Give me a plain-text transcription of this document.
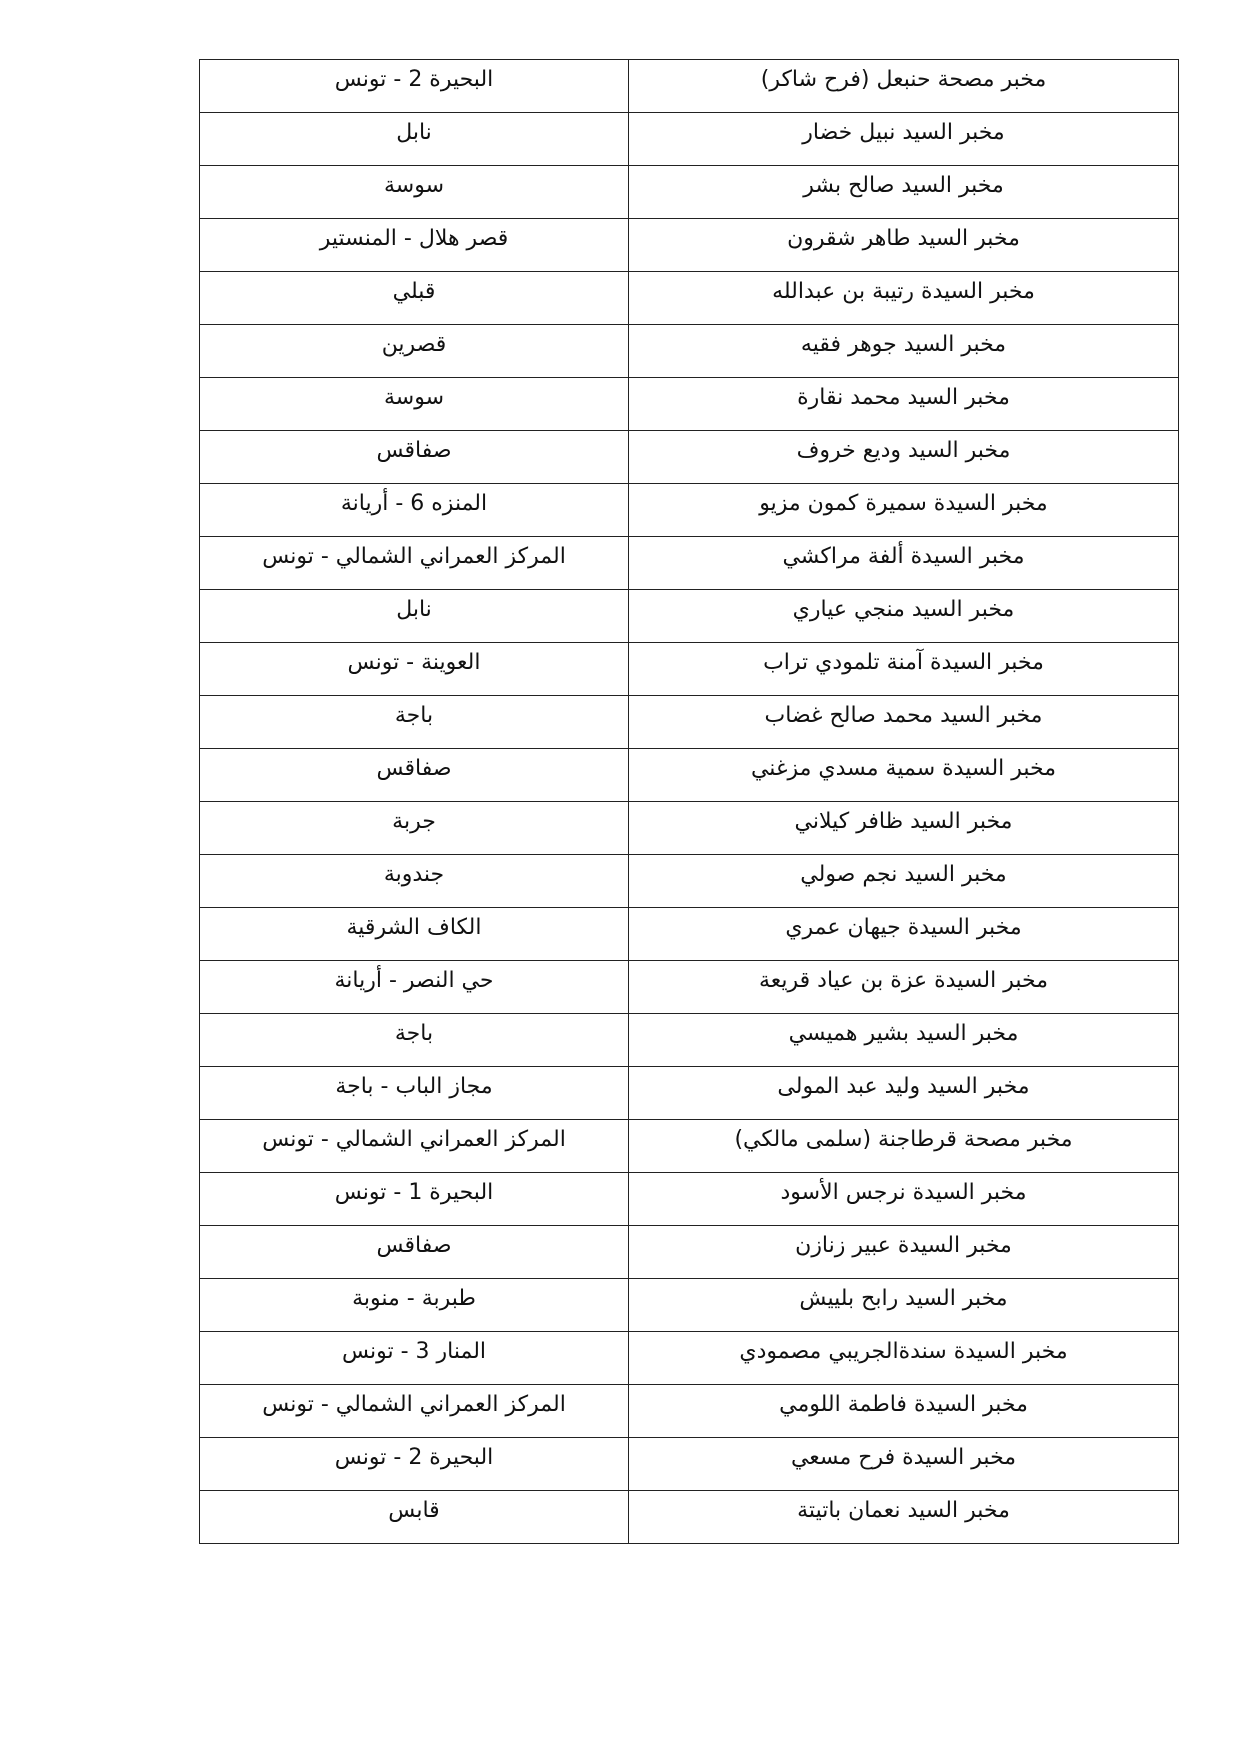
البحيرة 2 - تونس	مخبر مصحة حنبعل (فرح شاكر)
نابل	مخبر السيد نبيل خضار
سوسة	مخبر السيد صالح بشر
قصر هلال - المنستير	مخبر السيد طاهر شقرون
قبلي	مخبر السيدة رتيبة بن عبدالله
قصرين	مخبر السيد جوهر فقيه
سوسة	مخبر السيد محمد نقارة
صفاقس	مخبر السيد وديع خروف
المنزه 6 - أريانة	مخبر السيدة سميرة كمون مزيو
المركز العمراني الشمالي - تونس	مخبر السيدة ألفة مراكشي
نابل	مخبر السيد منجي عياري
العوينة - تونس	مخبر السيدة آمنة تلمودي تراب
باجة	مخبر السيد محمد صالح غضاب
صفاقس	مخبر السيدة سمية مسدي مزغني
جربة	مخبر السيد ظافر كيلاني
جندوبة	مخبر السيد نجم صولي
الكاف الشرقية	مخبر السيدة جيهان عمري
حي النصر - أريانة	مخبر السيدة عزة بن عياد قريعة
باجة	مخبر السيد بشير هميسي
مجاز الباب - باجة	مخبر السيد وليد عبد المولى
المركز العمراني الشمالي - تونس	مخبر مصحة قرطاجنة (سلمى مالكي)
البحيرة 1 - تونس	مخبر السيدة نرجس الأسود
صفاقس	مخبر السيدة عبير زنازن
طبربة - منوبة	مخبر السيد رابح بلييش
المنار 3 - تونس	مخبر السيدة سندةالجريبي مصمودي
المركز العمراني الشمالي - تونس	مخبر السيدة فاطمة اللومي
البحيرة 2 - تونس	مخبر السيدة فرح مسعي
قابس	مخبر السيد نعمان باتيتة
